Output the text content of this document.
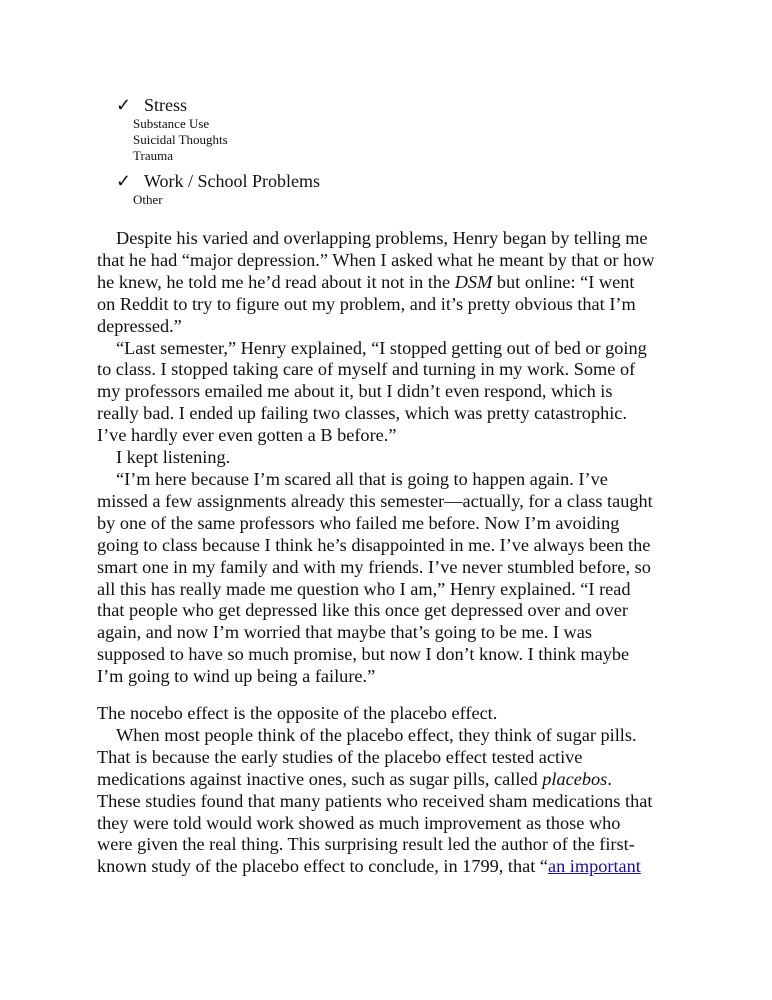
✓ Stress
Substance Use
Suicidal Thoughts
Trauma
✓ Work / School Problems
Other

Despite his varied and overlapping problems, Henry began by telling me
that he had “major depression.” When I asked what he meant by that or how
he knew, he told me he’d read about it not in the DSM but online: “I went
on Reddit to try to figure out my problem, and it’s pretty obvious that I’m
depressed.”

“Last semester,” Henry explained, “I stopped getting out of bed or going
to class. I stopped taking care of myself and turning in my work. Some of
my professors emailed me about it, but I didn’t even respond, which is
really bad. I ended up failing two classes, which was pretty catastrophic.
I’ve hardly ever even gotten a B before.”

I kept listening.

“I’m here because I’m scared all that is going to happen again. I’ve
missed a few assignments already this semester—actually, for a class taught
by one of the same professors who failed me before. Now I’m avoiding
going to class because I think he’s disappointed in me. I’ve always been the
smart one in my family and with my friends. I’ve never stumbled before, so
all this has really made me question who I am,” Henry explained. “I read
that people who get depressed like this once get depressed over and over
again, and now I’m worried that maybe that’s going to be me. I was
supposed to have so much promise, but now I don’t know. I think maybe
I’m going to wind up being a failure.”

The nocebo effect is the opposite of the placebo effect.

When most people think of the placebo effect, they think of sugar pills.
That is because the early studies of the placebo effect tested active
medications against inactive ones, such as sugar pills, called placebos.
These studies found that many patients who received sham medications that
they were told would work showed as much improvement as those who
were given the real thing. This surprising result led the author of the first-
known study of the placebo effect to conclude, in 1799, that “an important
